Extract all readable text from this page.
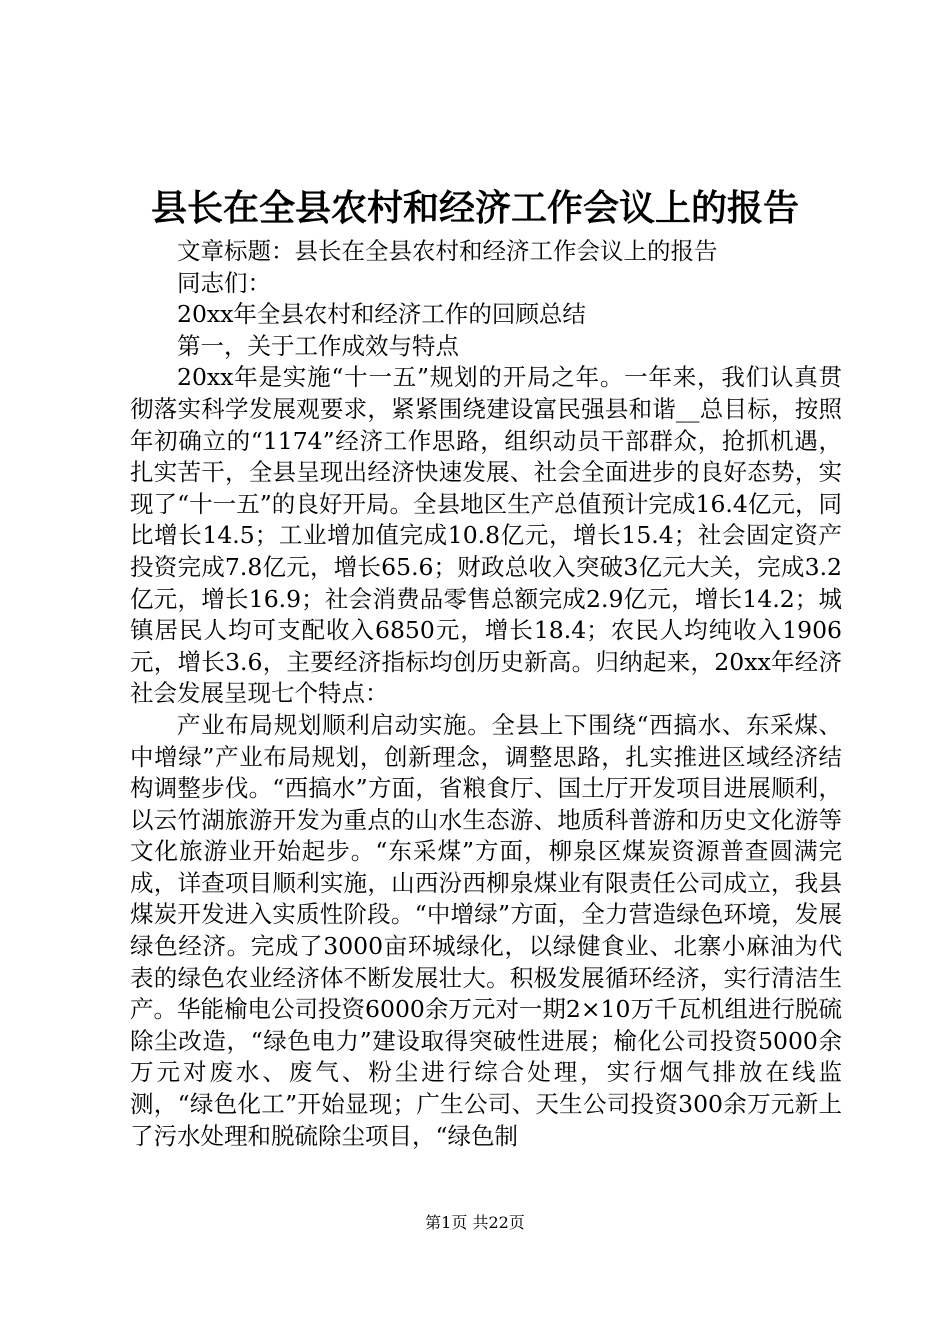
县长在全县农村和经济工作会议上的报告

文章标题：县长在全县农村和经济工作会议上的报告

同志们：

20xx年全县农村和经济工作的回顾总结

第一，关于工作成效与特点

20xx年是实施“十一五”规划的开局之年。一年来，我们认真贯彻落实科学发展观要求，紧紧围绕建设富民强县和谐__总目标，按照年初确立的“1174”经济工作思路，组织动员干部群众，抢抓机遇，扎实苦干，全县呈现出经济快速发展、社会全面进步的良好态势，实现了“十一五”的良好开局。全县地区生产总值预计完成16.4亿元，同比增长14.5；工业增加值完成10.8亿元，增长15.4；社会固定资产投资完成7.8亿元，增长65.6；财政总收入突破3亿元大关，完成3.2亿元，增长16.9；社会消费品零售总额完成2.9亿元，增长14.2；城镇居民人均可支配收入6850元，增长18.4；农民人均纯收入1906元，增长3.6，主要经济指标均创历史新高。归纳起来，20xx年经济社会发展呈现七个特点：

产业布局规划顺利启动实施。全县上下围绕“西搞水、东采煤、中增绿”产业布局规划，创新理念，调整思路，扎实推进区域经济结构调整步伐。“西搞水”方面，省粮食厅、国土厅开发项目进展顺利，以云竹湖旅游开发为重点的山水生态游、地质科普游和历史文化游等文化旅游业开始起步。“东采煤”方面，柳泉区煤炭资源普查圆满完成，详查项目顺利实施，山西汾西柳泉煤业有限责任公司成立，我县煤炭开发进入实质性阶段。“中增绿”方面，全力营造绿色环境，发展绿色经济。完成了3000亩环城绿化，以绿健食业、北寨小麻油为代表的绿色农业经济体不断发展壮大。积极发展循环经济，实行清洁生产。华能榆电公司投资6000余万元对一期2×10万千瓦机组进行脱硫除尘改造，“绿色电力”建设取得突破性进展；榆化公司投资5000余万元对废水、废气、粉尘进行综合处理，实行烟气排放在线监测，“绿色化工”开始显现；广生公司、天生公司投资300余万元新上了污水处理和脱硫除尘项目，“绿色制

第1页 共22页
